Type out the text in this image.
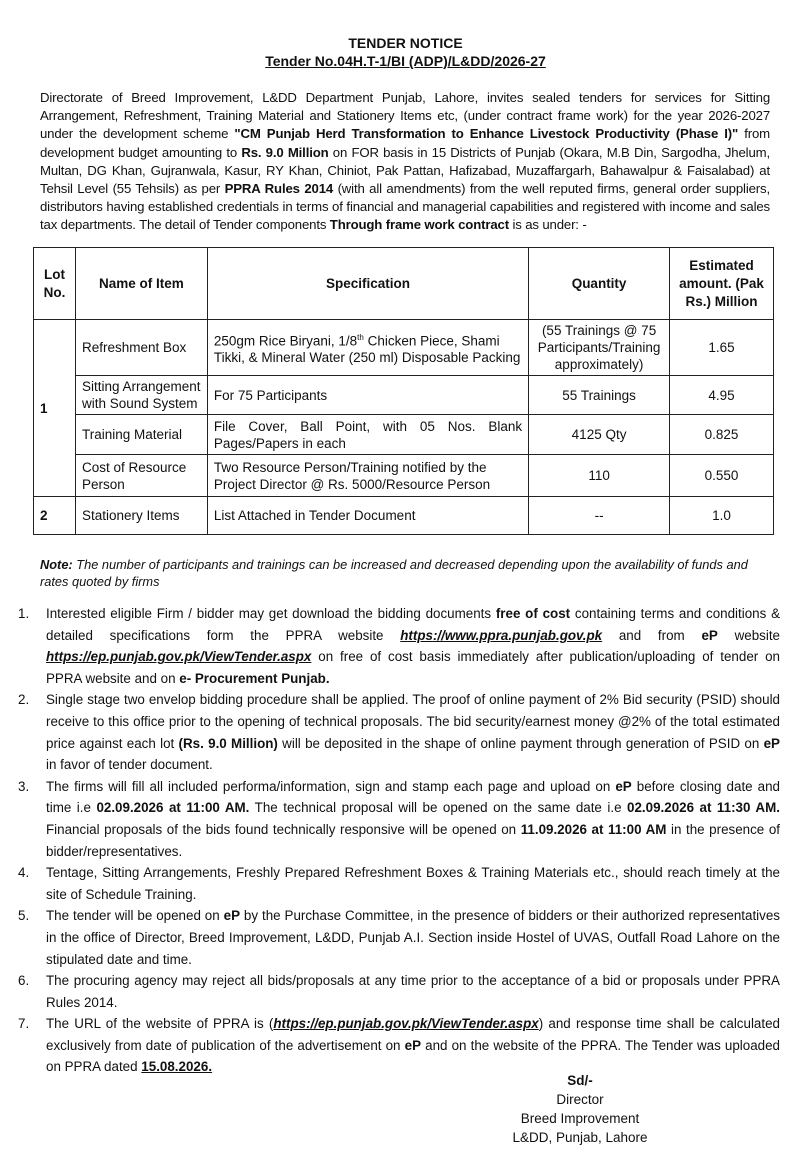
TENDER NOTICE
Tender No.04H.T-1/BI (ADP)/L&DD/2026-27
Directorate of Breed Improvement, L&DD Department Punjab, Lahore, invites sealed tenders for services for Sitting Arrangement, Refreshment, Training Material and Stationery Items etc, (under contract frame work) for the year 2026-2027 under the development scheme "CM Punjab Herd Transformation to Enhance Livestock Productivity (Phase I)" from development budget amounting to Rs. 9.0 Million on FOR basis in 15 Districts of Punjab (Okara, M.B Din, Sargodha, Jhelum, Multan, DG Khan, Gujranwala, Kasur, RY Khan, Chiniot, Pak Pattan, Hafizabad, Muzaffargarh, Bahawalpur & Faisalabad) at Tehsil Level (55 Tehsils) as per PPRA Rules 2014 (with all amendments) from the well reputed firms, general order suppliers, distributors having established credentials in terms of financial and managerial capabilities and registered with income and sales tax departments. The detail of Tender components Through frame work contract is as under: -
Lot No.	Name of Item	Specification	Quantity	Estimated amount. (Pak Rs.) Million
1	Refreshment Box	250gm Rice Biryani, 1/8th Chicken Piece, Shami Tikki, & Mineral Water (250 ml) Disposable Packing	(55 Trainings @ 75 Participants/Training approximately)	1.65
	Sitting Arrangement with Sound System	For 75 Participants	55 Trainings	4.95
	Training Material	File Cover, Ball Point, with 05 Nos. Blank Pages/Papers in each	4125 Qty	0.825
	Cost of Resource Person	Two Resource Person/Training notified by the Project Director @ Rs. 5000/Resource Person	110	0.550
2	Stationery Items	List Attached in Tender Document	--	1.0
Note: The number of participants and trainings can be increased and decreased depending upon the availability of funds and rates quoted by firms
1. Interested eligible Firm / bidder may get download the bidding documents free of cost containing terms and conditions & detailed specifications form the PPRA website https://www.ppra.punjab.gov.pk and from eP website https://ep.punjab.gov.pk/ViewTender.aspx on free of cost basis immediately after publication/uploading of tender on PPRA website and on e- Procurement Punjab.
2. Single stage two envelop bidding procedure shall be applied. The proof of online payment of 2% Bid security (PSID) should receive to this office prior to the opening of technical proposals. The bid security/earnest money @2% of the total estimated price against each lot (Rs. 9.0 Million) will be deposited in the shape of online payment through generation of PSID on eP in favor of tender document.
3. The firms will fill all included performa/information, sign and stamp each page and upload on eP before closing date and time i.e 02.09.2026 at 11:00 AM. The technical proposal will be opened on the same date i.e 02.09.2026 at 11:30 AM. Financial proposals of the bids found technically responsive will be opened on 11.09.2026 at 11:00 AM in the presence of bidder/representatives.
4. Tentage, Sitting Arrangements, Freshly Prepared Refreshment Boxes & Training Materials etc., should reach timely at the site of Schedule Training.
5. The tender will be opened on eP by the Purchase Committee, in the presence of bidders or their authorized representatives in the office of Director, Breed Improvement, L&DD, Punjab A.I. Section inside Hostel of UVAS, Outfall Road Lahore on the stipulated date and time.
6. The procuring agency may reject all bids/proposals at any time prior to the acceptance of a bid or proposals under PPRA Rules 2014.
7. The URL of the website of PPRA is (https://ep.punjab.gov.pk/ViewTender.aspx) and response time shall be calculated exclusively from date of publication of the advertisement on eP and on the website of the PPRA. The Tender was uploaded on PPRA dated 15.08.2026.
Sd/-
Director
Breed Improvement
L&DD, Punjab, Lahore
